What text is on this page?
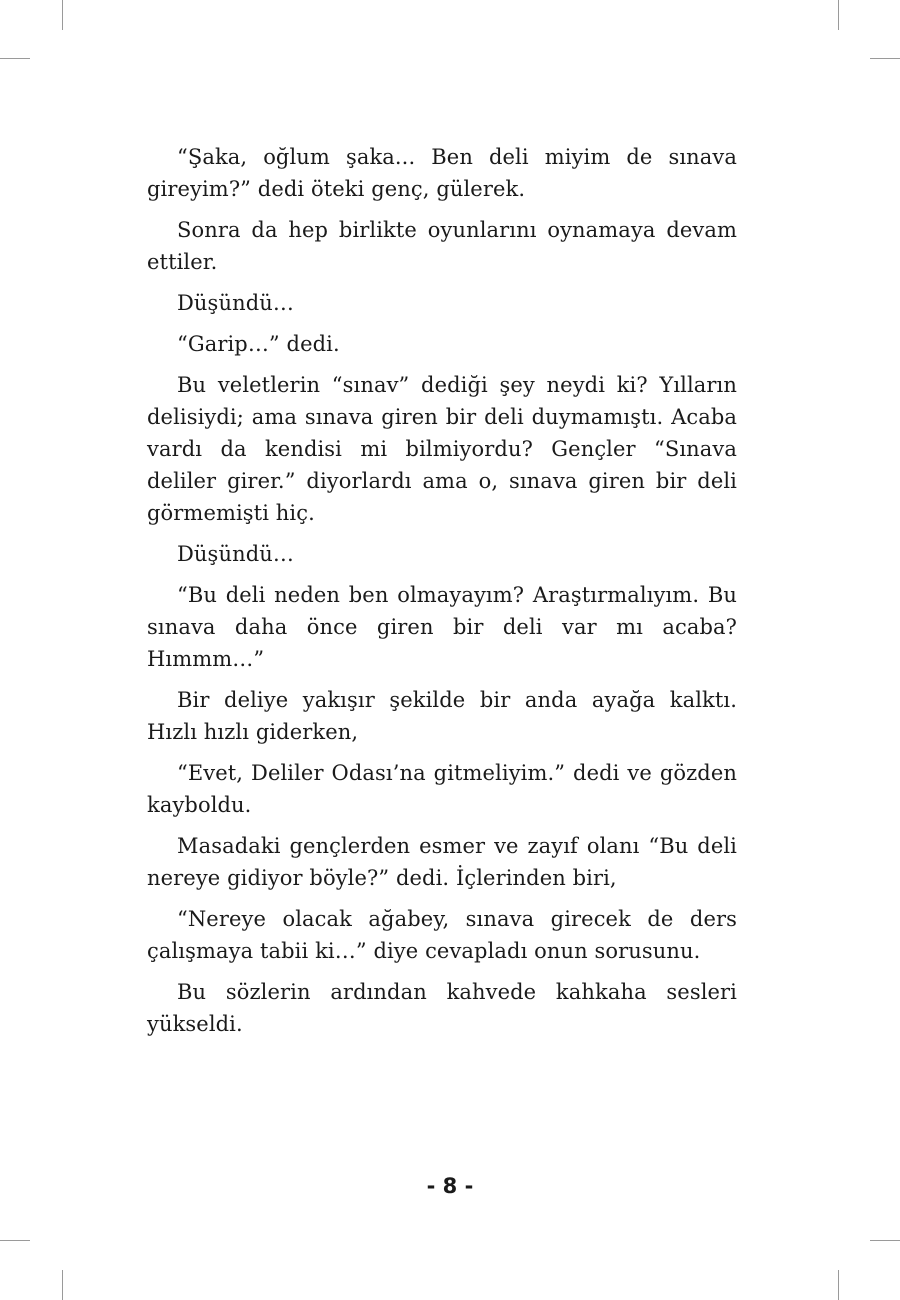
“Şaka, oğlum şaka... Ben deli miyim de sınava gireyim?” dedi öteki genç, gülerek.

Sonra da hep birlikte oyunlarını oynamaya devam ettiler.

Düşündü…

“Garip…” dedi.

Bu veletlerin “sınav” dediği şey neydi ki? Yılların delisiydi; ama sınava giren bir deli duymamıştı. Acaba vardı da kendisi mi bilmiyordu? Gençler “Sınava deliler girer.” diyorlardı ama o, sınava giren bir deli görmemişti hiç.

Düşündü…

“Bu deli neden ben olmayayım? Araştırmalıyım. Bu sınava daha önce giren bir deli var mı acaba? Hımmm…”

Bir deliye yakışır şekilde bir anda ayağa kalktı. Hızlı hızlı giderken,

“Evet, Deliler Odası’na gitmeliyim.” dedi ve gözden kayboldu.

Masadaki gençlerden esmer ve zayıf olanı “Bu deli nereye gidiyor böyle?” dedi. İçlerinden biri,

“Nereye olacak ağabey, sınava girecek de ders çalışmaya tabii ki…” diye cevapladı onun sorusunu.

Bu sözlerin ardından kahvede kahkaha sesleri yükseldi.

- 8 -
